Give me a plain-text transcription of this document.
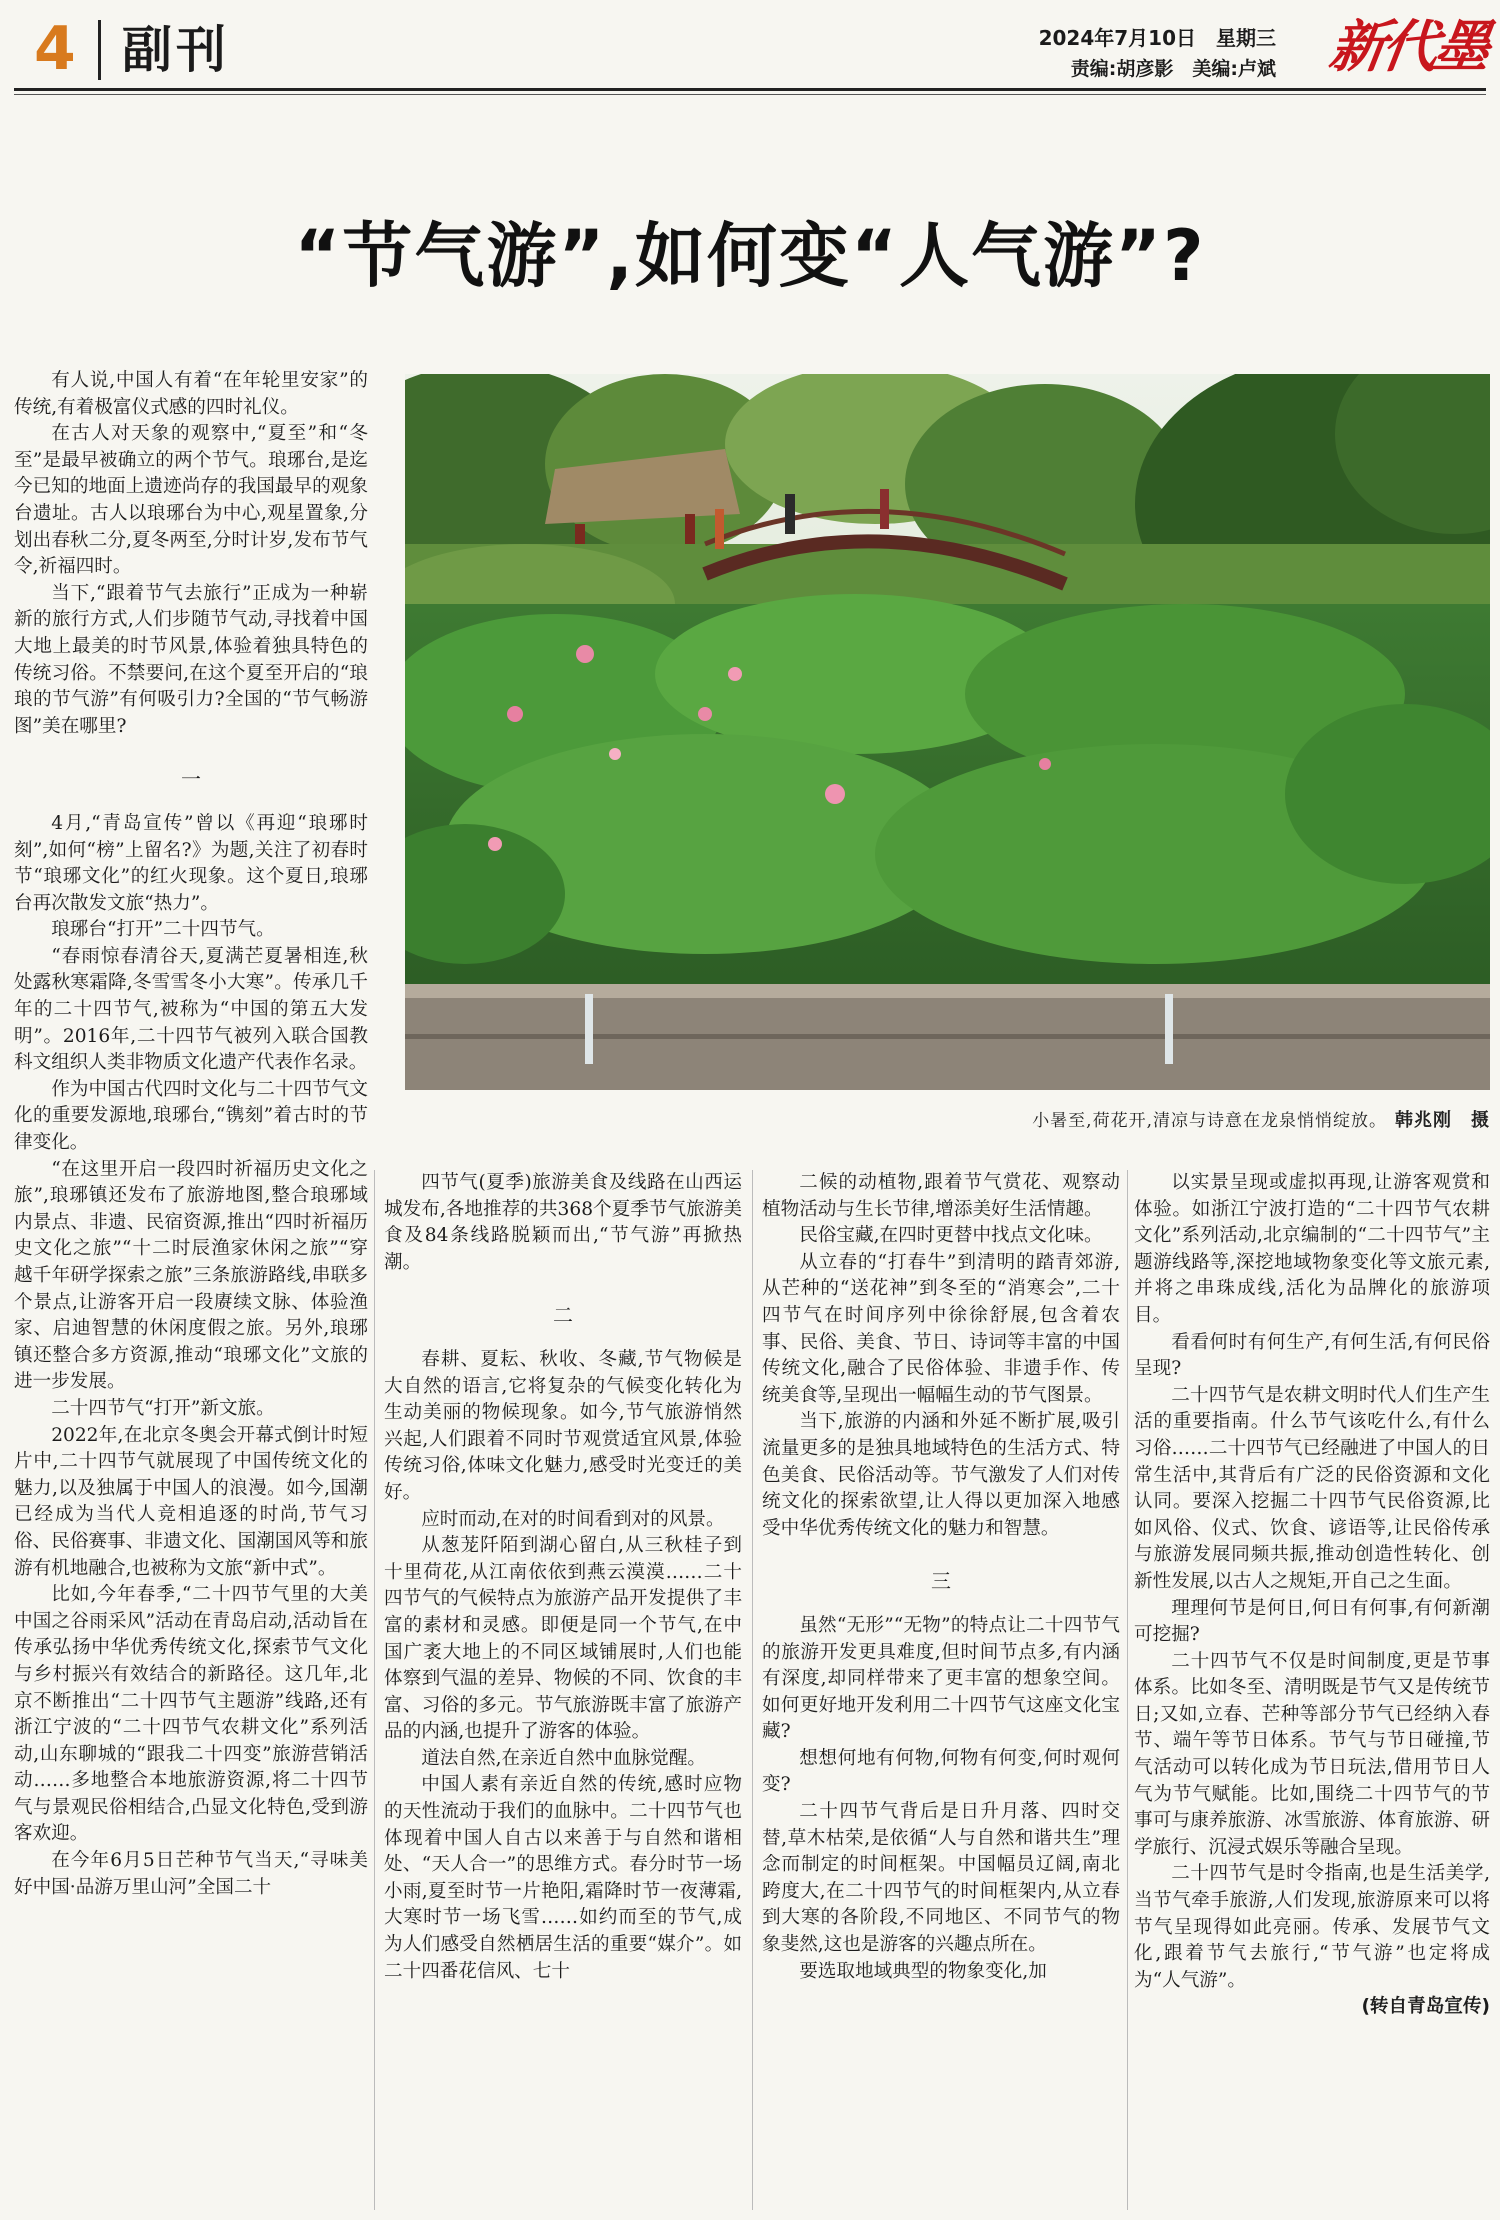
4 副刊	2024年7月10日　星期三
责编:胡彦影　美编:卢斌 新代墨
“节气游”,如何变“人气游”?
小暑至,荷花开,清凉与诗意在龙泉悄悄绽放。 韩兆刚　摄

有人说,中国人有着“在年轮里安家”的传统,有着极富仪式感的四时礼仪。

在古人对天象的观察中,“夏至”和“冬至”是最早被确立的两个节气。琅琊台,是迄今已知的地面上遗迹尚存的我国最早的观象台遗址。古人以琅琊台为中心,观星置象,分划出春秋二分,夏冬两至,分时计岁,发布节气令,祈福四时。

当下,“跟着节气去旅行”正成为一种崭新的旅行方式,人们步随节气动,寻找着中国大地上最美的时节风景,体验着独具特色的传统习俗。不禁要问,在这个夏至开启的“琅琅的节气游”有何吸引力?全国的“节气畅游图”美在哪里?

一

4月,“青岛宣传”曾以《再迎“琅琊时刻”,如何“榜”上留名?》为题,关注了初春时节“琅琊文化”的红火现象。这个夏日,琅琊台再次散发文旅“热力”。

琅琊台“打开”二十四节气。

“春雨惊春清谷天,夏满芒夏暑相连,秋处露秋寒霜降,冬雪雪冬小大寒”。传承几千年的二十四节气,被称为“中国的第五大发明”。2016年,二十四节气被列入联合国教科文组织人类非物质文化遗产代表作名录。

作为中国古代四时文化与二十四节气文化的重要发源地,琅琊台,“镌刻”着古时的节律变化。

“在这里开启一段四时祈福历史文化之旅”,琅琊镇还发布了旅游地图,整合琅琊域内景点、非遗、民宿资源,推出“四时祈福历史文化之旅”“十二时辰渔家休闲之旅”“穿越千年研学探索之旅”三条旅游路线,串联多个景点,让游客开启一段赓续文脉、体验渔家、启迪智慧的休闲度假之旅。另外,琅琊镇还整合多方资源,推动“琅琊文化”文旅的进一步发展。

二十四节气“打开”新文旅。

2022年,在北京冬奥会开幕式倒计时短片中,二十四节气就展现了中国传统文化的魅力,以及独属于中国人的浪漫。如今,国潮已经成为当代人竞相追逐的时尚,节气习俗、民俗赛事、非遗文化、国潮国风等和旅游有机地融合,也被称为文旅“新中式”。

比如,今年春季,“二十四节气里的大美中国之谷雨采风”活动在青岛启动,活动旨在传承弘扬中华优秀传统文化,探索节气文化与乡村振兴有效结合的新路径。这几年,北京不断推出“二十四节气主题游”线路,还有浙江宁波的“二十四节气农耕文化”系列活动,山东聊城的“跟我二十四变”旅游营销活动……多地整合本地旅游资源,将二十四节气与景观民俗相结合,凸显文化特色,受到游客欢迎。

在今年6月5日芒种节气当天,“寻味美好中国·品游万里山河”全国二十

四节气(夏季)旅游美食及线路在山西运城发布,各地推荐的共368个夏季节气旅游美食及84条线路脱颖而出,“节气游”再掀热潮。

二

春耕、夏耘、秋收、冬藏,节气物候是大自然的语言,它将复杂的气候变化转化为生动美丽的物候现象。如今,节气旅游悄然兴起,人们跟着不同时节观赏适宜风景,体验传统习俗,体味文化魅力,感受时光变迁的美好。

应时而动,在对的时间看到对的风景。

从葱茏阡陌到湖心留白,从三秋桂子到十里荷花,从江南依依到燕云漠漠……二十四节气的气候特点为旅游产品开发提供了丰富的素材和灵感。即便是同一个节气,在中国广袤大地上的不同区域铺展时,人们也能体察到气温的差异、物候的不同、饮食的丰富、习俗的多元。节气旅游既丰富了旅游产品的内涵,也提升了游客的体验。

道法自然,在亲近自然中血脉觉醒。

中国人素有亲近自然的传统,感时应物的天性流动于我们的血脉中。二十四节气也体现着中国人自古以来善于与自然和谐相处、“天人合一”的思维方式。春分时节一场小雨,夏至时节一片艳阳,霜降时节一夜薄霜,大寒时节一场飞雪……如约而至的节气,成为人们感受自然栖居生活的重要“媒介”。如二十四番花信风、七十

二候的动植物,跟着节气赏花、观察动植物活动与生长节律,增添美好生活情趣。

民俗宝藏,在四时更替中找点文化味。

从立春的“打春牛”到清明的踏青郊游,从芒种的“送花神”到冬至的“消寒会”,二十四节气在时间序列中徐徐舒展,包含着农事、民俗、美食、节日、诗词等丰富的中国传统文化,融合了民俗体验、非遗手作、传统美食等,呈现出一幅幅生动的节气图景。

当下,旅游的内涵和外延不断扩展,吸引流量更多的是独具地域特色的生活方式、特色美食、民俗活动等。节气激发了人们对传统文化的探索欲望,让人得以更加深入地感受中华优秀传统文化的魅力和智慧。

三

虽然“无形”“无物”的特点让二十四节气的旅游开发更具难度,但时间节点多,有内涵有深度,却同样带来了更丰富的想象空间。如何更好地开发利用二十四节气这座文化宝藏?

想想何地有何物,何物有何变,何时观何变?

二十四节气背后是日升月落、四时交替,草木枯荣,是依循“人与自然和谐共生”理念而制定的时间框架。中国幅员辽阔,南北跨度大,在二十四节气的时间框架内,从立春到大寒的各阶段,不同地区、不同节气的物象斐然,这也是游客的兴趣点所在。

要选取地域典型的物象变化,加

以实景呈现或虚拟再现,让游客观赏和体验。如浙江宁波打造的“二十四节气农耕文化”系列活动,北京编制的“二十四节气”主题游线路等,深挖地域物象变化等文旅元素,并将之串珠成线,活化为品牌化的旅游项目。

看看何时有何生产,有何生活,有何民俗呈现?

二十四节气是农耕文明时代人们生产生活的重要指南。什么节气该吃什么,有什么习俗……二十四节气已经融进了中国人的日常生活中,其背后有广泛的民俗资源和文化认同。要深入挖掘二十四节气民俗资源,比如风俗、仪式、饮食、谚语等,让民俗传承与旅游发展同频共振,推动创造性转化、创新性发展,以古人之规矩,开自己之生面。

理理何节是何日,何日有何事,有何新潮可挖掘?

二十四节气不仅是时间制度,更是节事体系。比如冬至、清明既是节气又是传统节日;又如,立春、芒种等部分节气已经纳入春节、端午等节日体系。节气与节日碰撞,节气活动可以转化成为节日玩法,借用节日人气为节气赋能。比如,围绕二十四节气的节事可与康养旅游、冰雪旅游、体育旅游、研学旅行、沉浸式娱乐等融合呈现。

二十四节气是时令指南,也是生活美学,当节气牵手旅游,人们发现,旅游原来可以将节气呈现得如此亮丽。传承、发展节气文化,跟着节气去旅行,“节气游”也定将成为“人气游”。

(转自青岛宣传)
